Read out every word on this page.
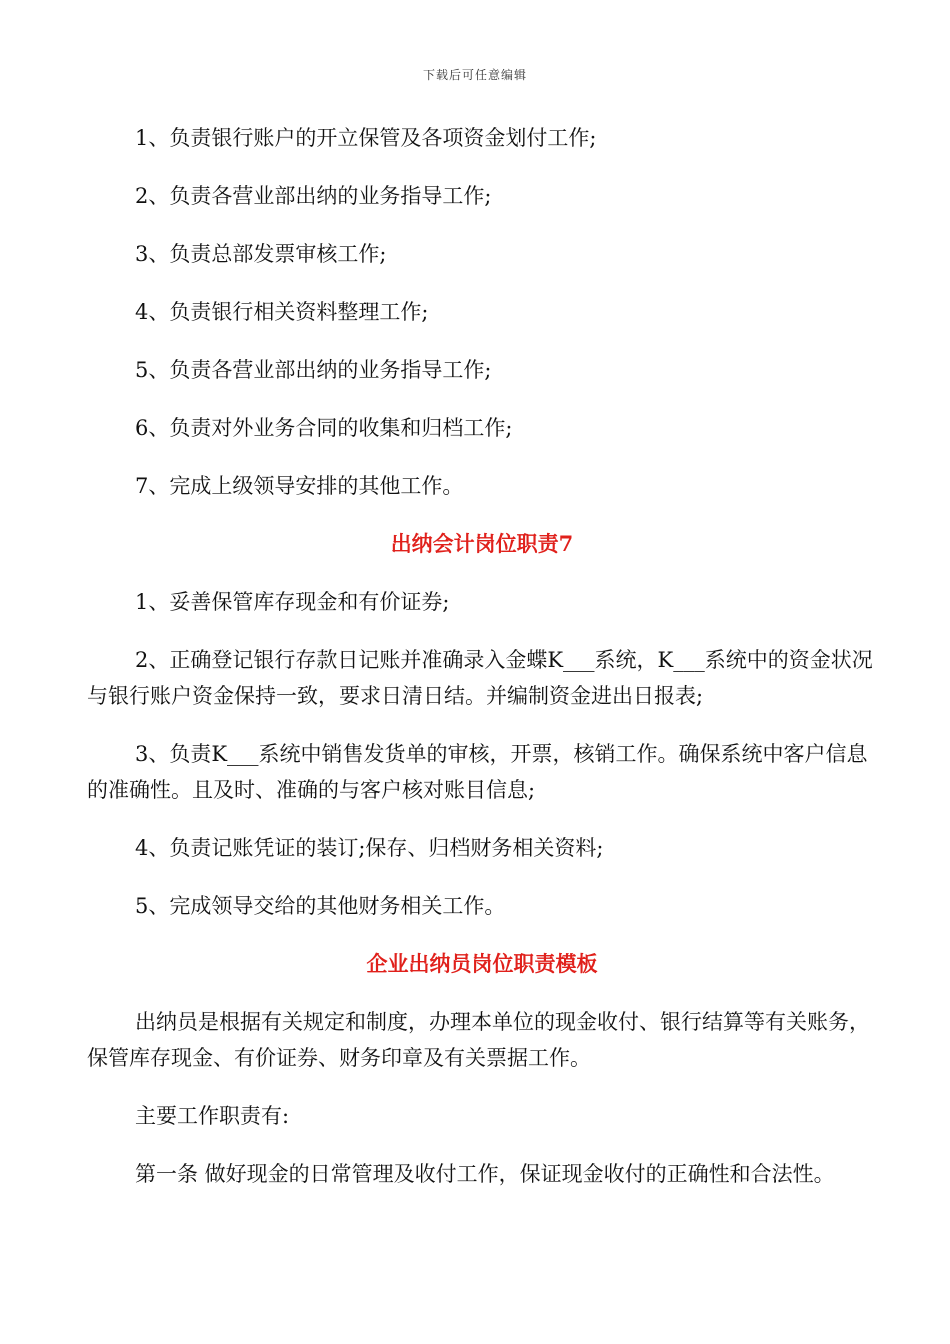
下载后可任意编辑

1、负责银行账户的开立保管及各项资金划付工作;

2、负责各营业部出纳的业务指导工作;

3、负责总部发票审核工作;

4、负责银行相关资料整理工作;

5、负责各营业部出纳的业务指导工作;

6、负责对外业务合同的收集和归档工作;

7、完成上级领导安排的其他工作。

出纳会计岗位职责7

1、妥善保管库存现金和有价证券;

2、正确登记银行存款日记账并准确录入金蝶K___系统，K___系统中的资金状况与银行账户资金保持一致，要求日清日结。并编制资金进出日报表;

3、负责K___系统中销售发货单的审核，开票，核销工作。确保系统中客户信息的准确性。且及时、准确的与客户核对账目信息;

4、负责记账凭证的装订;保存、归档财务相关资料;

5、完成领导交给的其他财务相关工作。

企业出纳员岗位职责模板

出纳员是根据有关规定和制度，办理本单位的现金收付、银行结算等有关账务，保管库存现金、有价证券、财务印章及有关票据工作。

主要工作职责有:

第一条 做好现金的日常管理及收付工作，保证现金收付的正确性和合法性。
